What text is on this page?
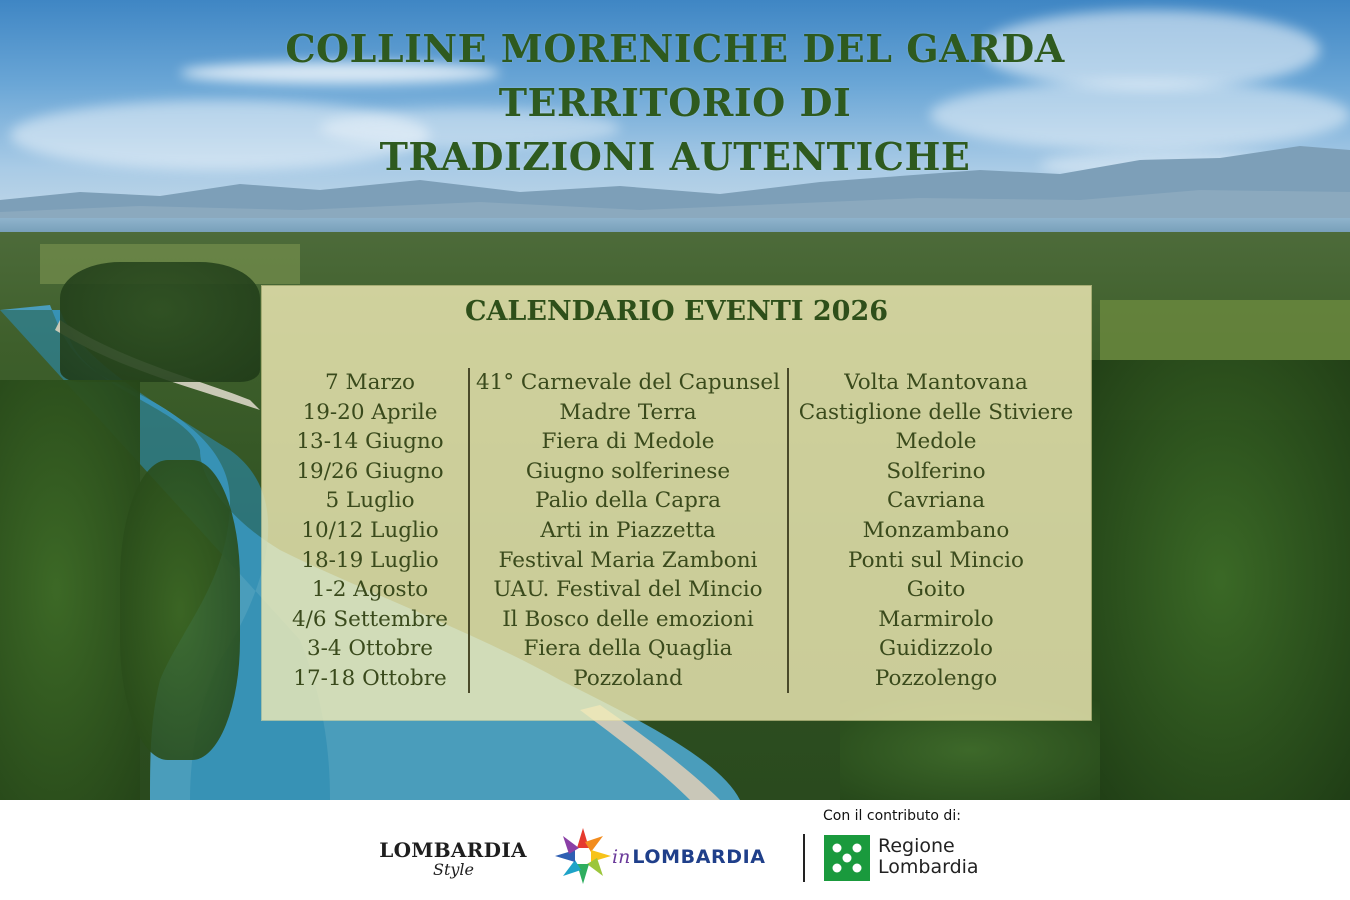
COLLINE MORENICHE DEL GARDA
TERRITORIO DI
TRADIZIONI AUTENTICHE
CALENDARIO EVENTI 2026
7 Marzo
19-20 Aprile
13-14 Giugno
19/26 Giugno
5 Luglio
10/12 Luglio
18-19 Luglio
1-2 Agosto
4/6 Settembre
3-4 Ottobre
17-18 Ottobre
41° Carnevale del Capunsel
Madre Terra
Fiera di Medole
Giugno solferinese
Palio della Capra
Arti in Piazzetta
Festival Maria Zamboni
UAU. Festival del Mincio
Il Bosco delle emozioni
Fiera della Quaglia
Pozzoland
Volta Mantovana
Castiglione delle Stiviere
Medole
Solferino
Cavriana
Monzambano
Ponti sul Mincio
Goito
Marmirolo
Guidizzolo
Pozzolengo
LOMBARDIA
Style
in LOMBARDIA
Con il contributo di:
Regione
Lombardia
